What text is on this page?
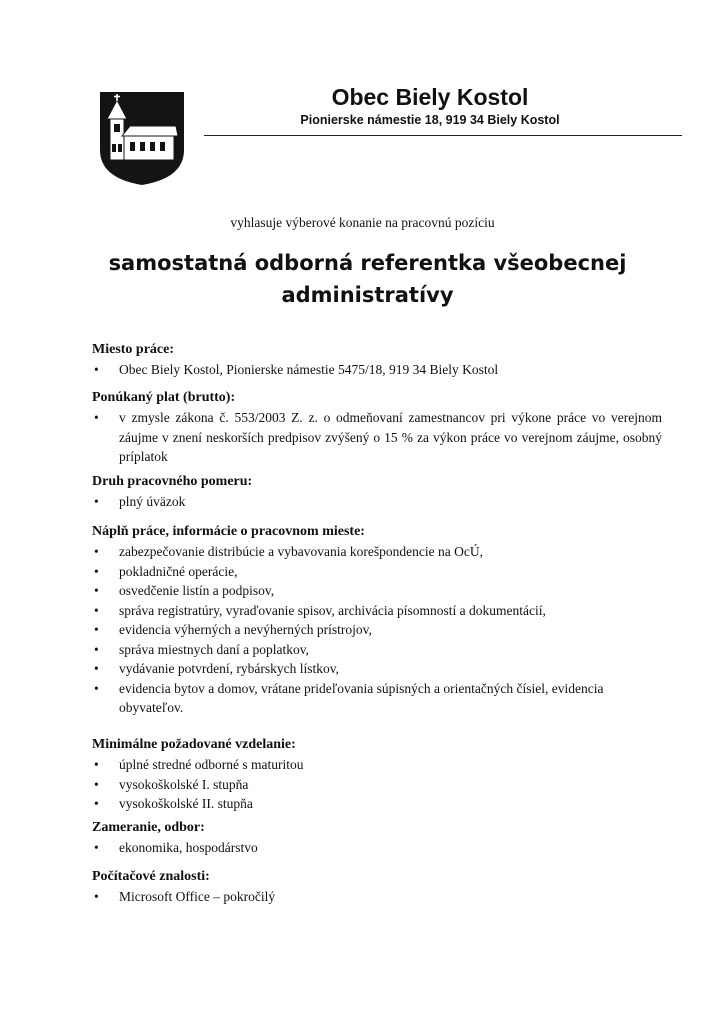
Obec Biely Kostol
Pionierske námestie 18, 919 34 Biely Kostol
vyhlasuje výberové konanie na pracovnú pozíciu
samostatná odborná referentka všeobecnej
administratívy
Miesto práce:
• Obec Biely Kostol, Pionierske námestie 5475/18, 919 34 Biely Kostol
Ponúkaný plat (brutto):
• v zmysle zákona č. 553/2003 Z. z. o odmeňovaní zamestnancov pri výkone práce vo verejnom záujme v znení neskorších predpisov zvýšený o 15 % za výkon práce vo verejnom záujme, osobný príplatok
Druh pracovného pomeru:
• plný úväzok
Náplň práce, informácie o pracovnom mieste:
• zabezpečovanie distribúcie a vybavovania korešpondencie na OcÚ,
• pokladničné operácie,
• osvedčenie listín a podpisov,
• správa registratúry, vyraďovanie spisov, archivácia písomností a dokumentácií,
• evidencia výherných a nevýherných prístrojov,
• správa miestnych daní a poplatkov,
• vydávanie potvrdení, rybárskych lístkov,
• evidencia bytov a domov, vrátane prideľovania súpisných a orientačných čísiel, evidencia obyvateľov.
Minimálne požadované vzdelanie:
• úplné stredné odborné s maturitou
• vysokoškolské I. stupňa
• vysokoškolské II. stupňa
Zameranie, odbor:
• ekonomika, hospodárstvo
Počítačové znalosti:
• Microsoft Office – pokročilý
